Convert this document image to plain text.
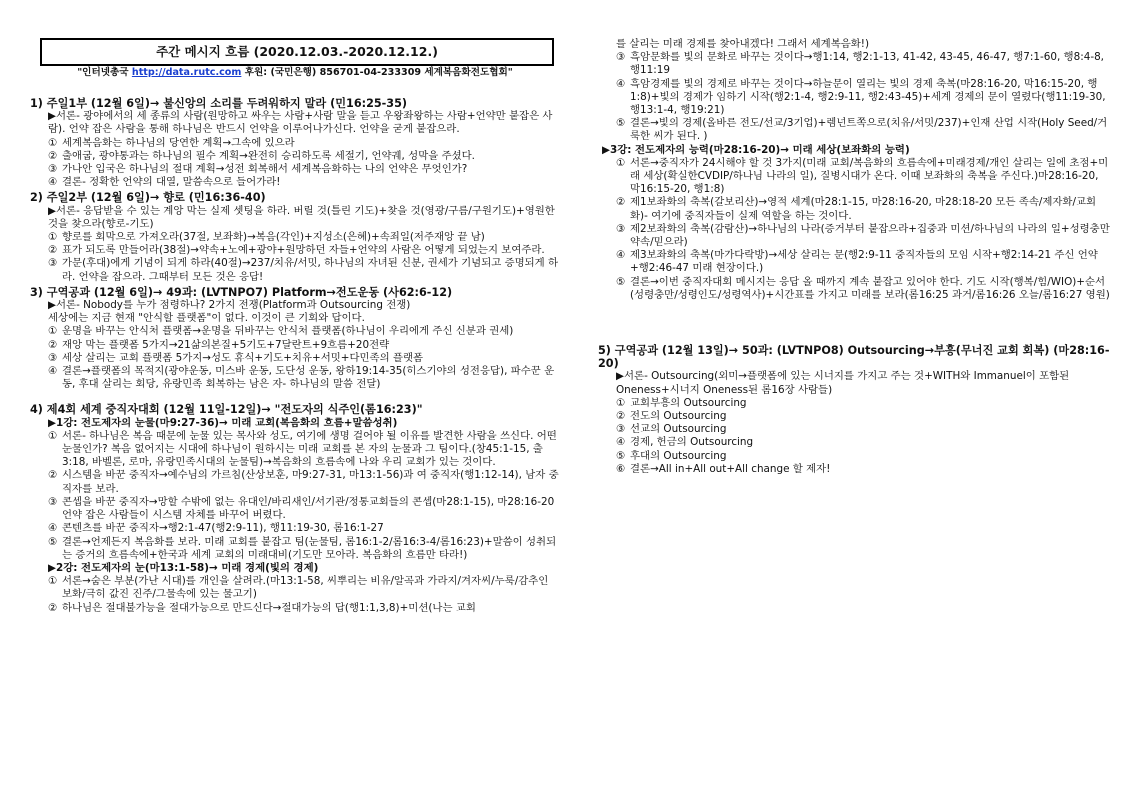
주간 메시지 흐름 (2020.12.03.-2020.12.12.)
"인터넷총국 http://data.rutc.com 후원: (국민은행) 856701-04-233309 세계복음화전도협회"
1) 주일1부 (12월 6일)→ 불신앙의 소리를 두려워하지 말라 (민16:25-35)
▶서론- 광야에서의 세 종류의 사람(원망하고 싸우는 사람+사람 말을 듣고 우왕좌왕하는 사람+언약만 붙잡은 사람). 언약 잡은 사람을 통해 하나님은 반드시 언약을 이루어나가신다. 언약을 굳게 붙잡으라.
① 세계복음화는 하나님의 당연한 계획→그속에 있으라
② 출애굽, 광야통과는 하나님의 필수 계획→완전히 승리하도록 세절기, 언약궤, 성막을 주셨다.
③ 가나안 입국은 하나님의 절대 계획→성전 회복해서 세계복음화하는 나의 언약은 무엇인가?
④ 결론- 정확한 언약의 대열, 말씀속으로 들어가라!
2) 주일2부 (12월 6일)→ 향로 (민16:36-40)
▶서론- 응답받을 수 있는 계앙 막는 실제 셋팅을 하라. 버릴 것(틀린 기도)+찾을 것(영광/구름/구원기도)+영원한 것을 찾으라(향로-기도)
① 향로를 회막으로 가져오라(37절, 보좌화)→복음(각인)+지성소(은혜)+속죄일(저주재앙 끝 남)
② 표가 되도록 만들어라(38절)→약속+노예+광야+원망하던 자들+언약의 사람은 어떻게 되었는지 보여주라.
③ 가문(후대)에게 기념이 되게 하라(40절)→237/치유/서밋, 하나님의 자녀된 신분, 권세가 기념되고 증명되게 하라. 언약을 잡으라. 그때부터 모든 것은 응답!
3) 구역공과 (12월 6일)→ 49과: (LVTNPO7) Platform→전도운동 (사62:6-12)
▶서론- Nobody를 누가 점령하나? 2가지 전쟁(Platform과 Outsourcing 전쟁)
세상에는 지금 현재 "안식할 플랫폼"이 없다. 이것이 큰 기회와 답이다.
① 운명을 바꾸는 안식처 플랫폼→운명을 뒤바꾸는 안식처 플랫폼(하나님이 우리에게 주신 신분과 권세)
② 재앙 막는 플랫폼 5가지→21삶의본질+5기도+7달란트+9흐름+20전략
③ 세상 살리는 교회 플랫폼 5가지→성도 휴식+기도+치유+서밋+다민족의 플랫폼
④ 결론→플랫폼의 목적지(광야운동, 미스바 운동, 도단성 운동, 왕하19:14-35(히스기야의 성전응답), 파수꾼 운동, 후대 살리는 회당, 유랑민족 회복하는 남은 자- 하나님의 말씀 전달)
4) 제4회 세계 중직자대회 (12월 11일-12일)→ "전도자의 식주인(롬16:23)"
▶1강: 전도제자의 눈물(마9:27-36)→ 미래 교회(복음화의 흐름+말씀성취)
① 서론- 하나님은 복음 때문에 눈물 있는 목사와 성도, 여기에 생명 걸어야 될 이유를 발견한 사람을 쓰신다. 어떤 눈물인가? 복음 없어지는 시대에 하나님이 원하시는 미래 교회를 본 자의 눈물과 그 팀이다.(창45:1-15, 출3:18, 바벨론, 로마, 유랑민족시대의 눈물팀)→복음화의 흐름속에 나와 우리 교회가 있는 것이다.
② 시스템을 바꾼 중직자→예수님의 가르침(산상보훈, 마9:27-31, 마13:1-56)과 여 중직자(행1:12-14), 남자 중직자를 보라.
③ 콘셉을 바꾼 중직자→망할 수밖에 없는 유대인/바리새인/서기관/정통교회들의 콘셉(마28:1-15), 마28:16-20 언약 잡은 사람들이 시스템 자체를 바꾸어 버렸다.
④ 콘텐츠를 바꾼 중직자→행2:1-47(행2:9-11), 행11:19-30, 롬16:1-27
⑤ 결론→언제든지 복음화를 보라. 미래 교회를 붙잡고 팀(눈물팀, 롬16:1-2/롬16:3-4/롬16:23)+말씀이 성취되는 증거의 흐름속에+한국과 세계 교회의 미래대비(기도만 모아라. 복음화의 흐름만 타라!)
▶2강: 전도제자의 눈(마13:1-58)→ 미래 경제(빛의 경제)
① 서론→숨은 부분(가난 시대)를 개인을 살려라.(마13:1-58, 씨뿌리는 비유/알곡과 가라지/겨자씨/누룩/감추인 보화/극히 값진 진주/그물속에 있는 물고기)
② 하나님은 절대불가능을 절대가능으로 만드신다→절대가능의 답(행1:1,3,8)+미션(나는 교회
를 살리는 미래 경제를 찾아내겠다! 그래서 세계복음화!)
③ 흑암문화를 빛의 문화로 바꾸는 것이다→행1:14, 행2:1-13, 41-42, 43-45, 46-47, 행7:1-60, 행8:4-8, 행11:19
④ 흑암경제를 빛의 경제로 바꾸는 것이다→하늘문이 열리는 빛의 경제 축복(마28:16-20, 막16:15-20, 행1:8)+빛의 경제가 임하기 시작(행2:1-4, 행2:9-11, 행2:43-45)+세계 경제의 문이 열렸다(행11:19-30, 행13:1-4, 행19:21)
⑤ 결론→빛의 경제(올바른 전도/선교/3기업)+렘넌트쪽으로(치유/서밋/237)+인재 산업 시작(Holy Seed/거룩한 씨가 된다. )
▶3강: 전도제자의 능력(마28:16-20)→ 미래 세상(보좌화의 능력)
① 서론→중직자가 24시해야 할 것 3가지(미래 교회/복음화의 흐름속에+미래경제/개인 살리는 일에 초점+미래 세상(확실한CVDIP/하나님 나라의 일), 질병시대가 온다. 이때 보좌화의 축복을 주신다.)마28:16-20, 막16:15-20, 행1:8)
② 제1보좌화의 축복(갈보리산)→영적 세계(마28:1-15, 마28:16-20, 마28:18-20 모든 족속/제자화/교회화)- 여기에 중직자들이 실제 역할을 하는 것이다.
③ 제2보좌화의 축복(감람산)→하나님의 나라(증거부터 붙잡으라+집중과 미션/하나님의 나라의 일+성령충만 약속/믿으라)
④ 제3보좌화의 축복(마가다락방)→세상 살리는 문(행2:9-11 중직자들의 모임 시작+행2:14-21 주신 언약+행2:46-47 미래 현장이다.)
⑤ 결론→이번 중직자대회 메시지는 응답 올 때까지 계속 붙잡고 있어야 한다. 기도 시작(행복/힘/WIO)+순서(성령충만/성령인도/성령역사)+시간표를 가지고 미래를 보라(롬16:25 과거/롬16:26 오늘/롬16:27 영원)
5) 구역공과 (12월 13일)→ 50과: (LVTNPO8) Outsourcing→부흥(무너진 교회 회복) (마28:16-20)
▶서론- Outsourcing(외미→플랫폼에 있는 시너지를 가지고 주는 것+WITH와 Immanuel이 포함된 Oneness+시너지 Oneness된 롬16장 사람들)
① 교회부흥의 Outsourcing
② 전도의 Outsourcing
③ 선교의 Outsourcing
④ 경제, 헌금의 Outsourcing
⑤ 후대의 Outsourcing
⑥ 결론→All in+All out+All change 할 제자!
